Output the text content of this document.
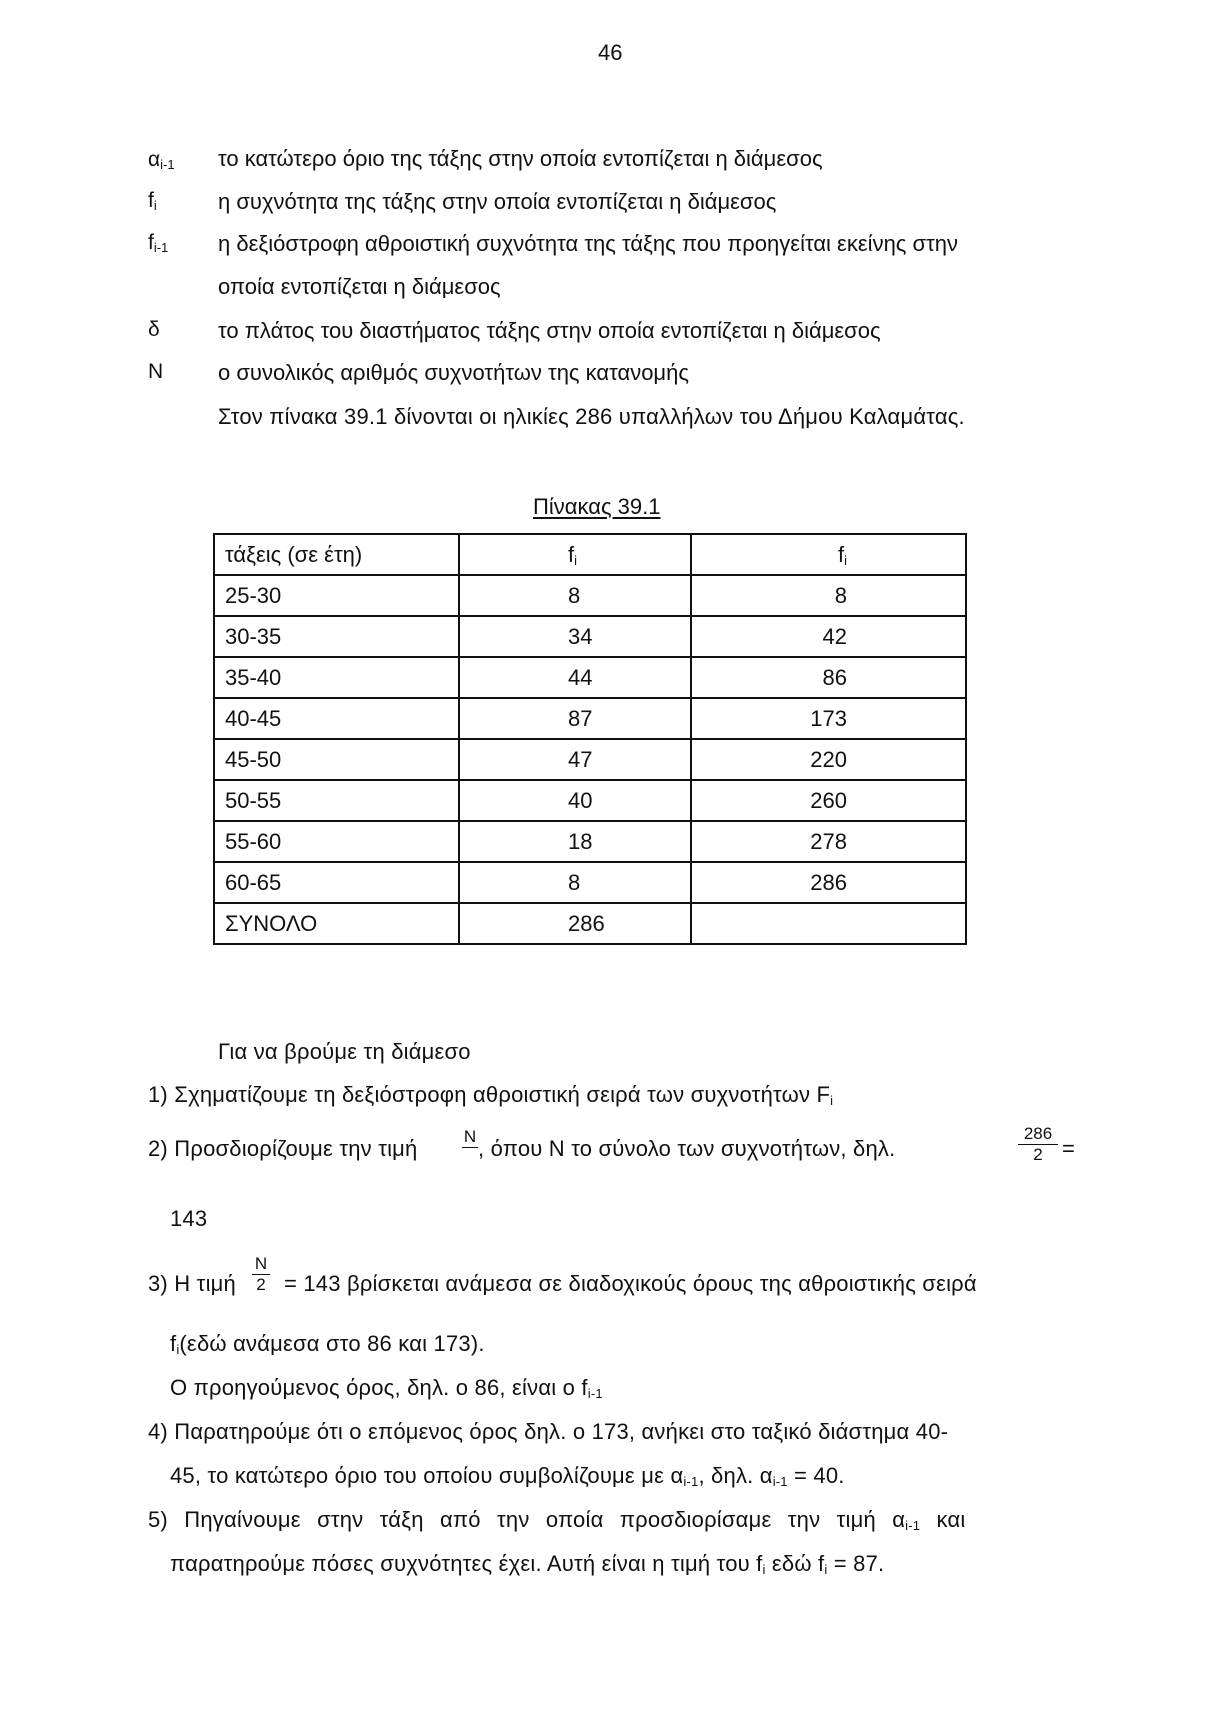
46
$\alpha_{i-1}$ το κατώτερο όριο της τάξης στην οποία εντοπίζεται η διάμεσος
$f_i$	η συχνότητα της τάξης στην οποία εντοπίζεται η διάμεσος
$f_{i-1}$ η δεξιόστροφη αθροιστική συχνότητα της τάξης που προηγείται εκείνης στην
οποία εντοπίζεται η διάμεσος
δ	το πλάτος του διαστήματος τάξης στην οποία εντοπίζεται η διάμεσος
Ν ο συνολικός αριθμός συχνοτήτων της κατανομής
Στον πίνακα 39.1 δίνονται οι ηλικίες 286 υπαλλήλων του Δήμου Καλαμάτας.
Πίνακας 39.1
τάξεις (σε έτη)	$f_i$	$f_i$
25-30	8	8
30-35	34	42
35-40	44	86
40-45	87	173
45-50	47	220
50-55	40	260
55-60	18	278
60-65	8	286
ΣΥΝΟΛΟ	286	
Για να βρούμε τη διάμεσο
1) Σχηματίζουμε τη δεξιόστροφη αθροιστική σειρά των συχνοτήτων $F_i$
2) Προσδιορίζουμε την τιμή	Ν , όπου Ν το σύνολο των συχνοτήτων, δηλ.
286
2 =
143
3) Η τιμή
Ν
2 = 143 βρίσκεται ανάμεσα σε διαδοχικούς όρους της αθροιστικής σειρά
$f_i(\varepsilon\delta ώ$ ανάμεσα στο 86 και 173).
Ο προηγούμενος όρος, δηλ. ο 86, είναι ο $f_{i-1}$
4) Παρατηρούμε ότι ο επόμενος όρος δηλ. ο 173, ανήκει στο ταξικό διάστημα 40-
45, το κατώτερο όριο του οποίου συμβολίζουμε με $\alpha_{i-1}$, δηλ. $\alpha_{i-1} = 40$.
5) Πηγαίνουμε στην τάξη από την οποία προσδιορίσαμε την τιμή $\alpha_{i-1}$ και
παρατηρούμε πόσες συχνότητες έχει. Αυτή είναι η τιμή του $f_i$ εδώ $f_i = 87$.
